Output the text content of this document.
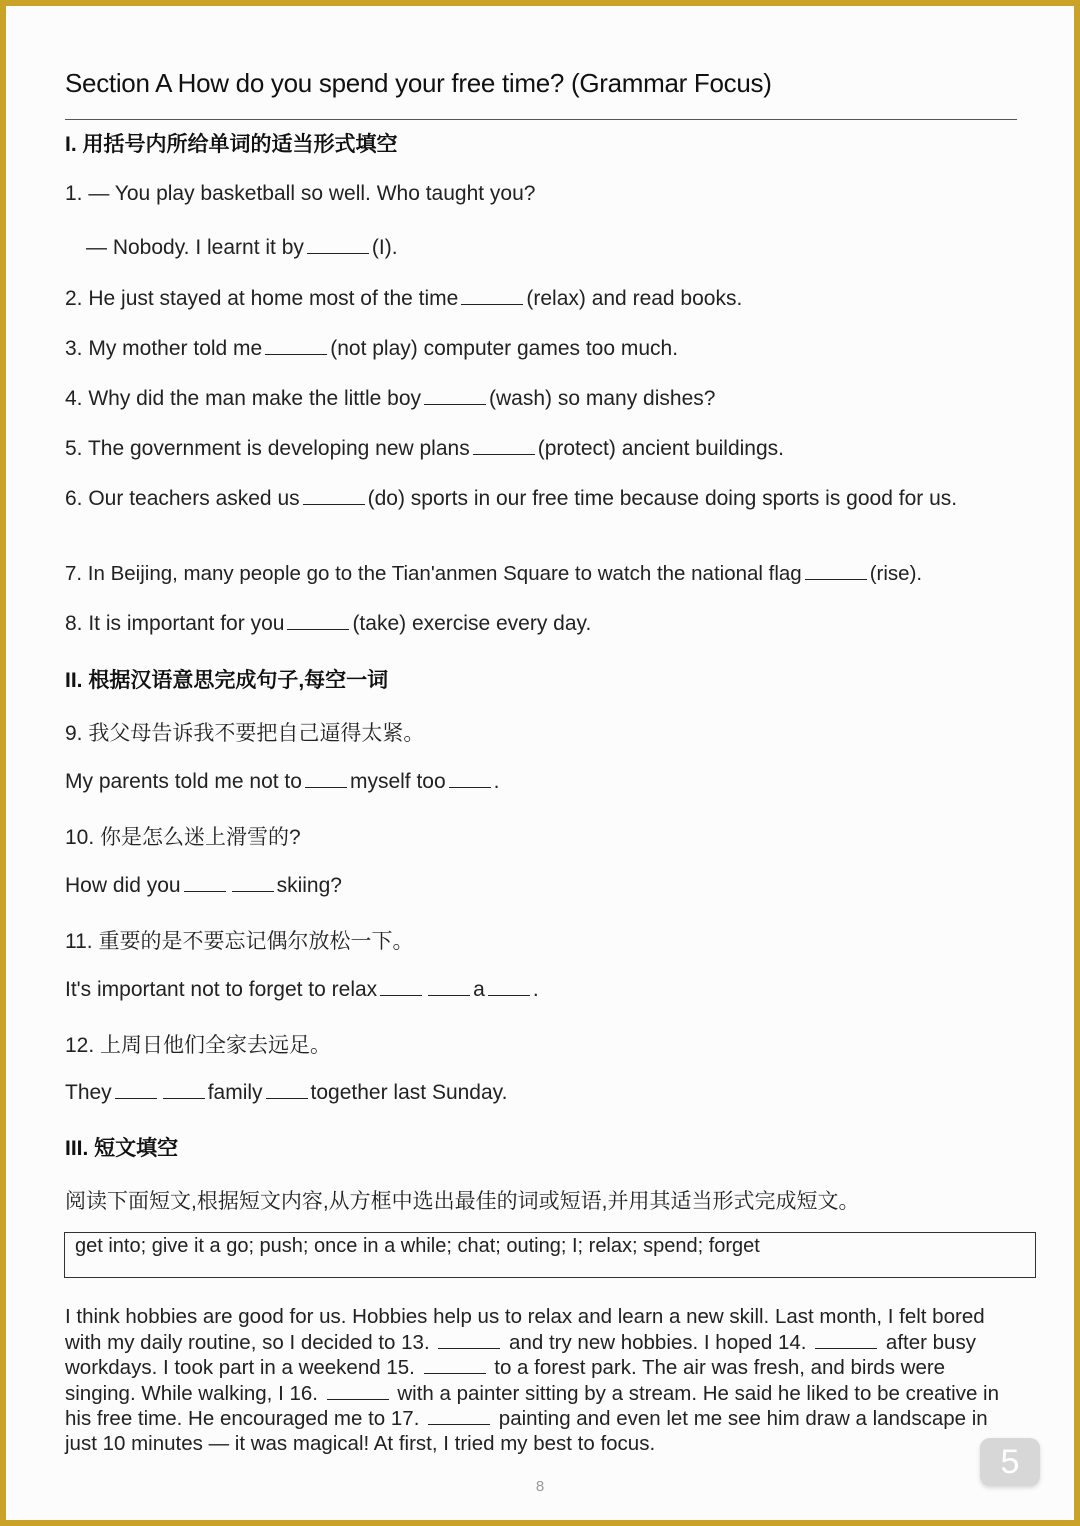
Section A How do you spend your free time? (Grammar Focus)
I. 用括号内所给单词的适当形式填空
1. — You play basketball so well. Who taught you?
— Nobody. I learnt it by	(I).
2. He just stayed at home most of the time	(relax) and read books.
3. My mother told me	(not play) computer games too much.
4. Why did the man make the little boy	(wash) so many dishes?
5. The government is developing new plans	(protect) ancient buildings.
6. Our teachers asked us	(do) sports in our free time because doing sports is good for us.
7. In Beijing, many people go to the Tian'anmen Square to watch the national flag	(rise).
8. It is important for you	(take) exercise every day.
II. 根据汉语意思完成句子,每空一词
9. 我父母告诉我不要把自己逼得太紧。
My parents told me not to myself too .
10. 你是怎么迷上滑雪的?
How did you	skiing?
11. 重要的是不要忘记偶尔放松一下。
It's important not to forget to relax	a .
12. 上周日他们全家去远足。
They	family together last Sunday.
III. 短文填空
阅读下面短文,根据短文内容,从方框中选出最佳的词或短语,并用其适当形式完成短文。
get into; give it a go; push; once in a while; chat; outing; I; relax; spend; forget
I think hobbies are good for us. Hobbies help us to relax and learn a new skill. Last month, I felt bored with my daily routine, so I decided to 13.	and try new hobbies. I hoped 14.	after busy workdays. I took part in a weekend 15.	to a forest park. The air was fresh, and birds were singing. While walking, I 16.	with a painter sitting by a stream. He said he liked to be creative in his free time. He encouraged me to 17.	painting and even let me see him draw a landscape in just 10 minutes — it was magical! At first, I tried my best to focus.
8
5
